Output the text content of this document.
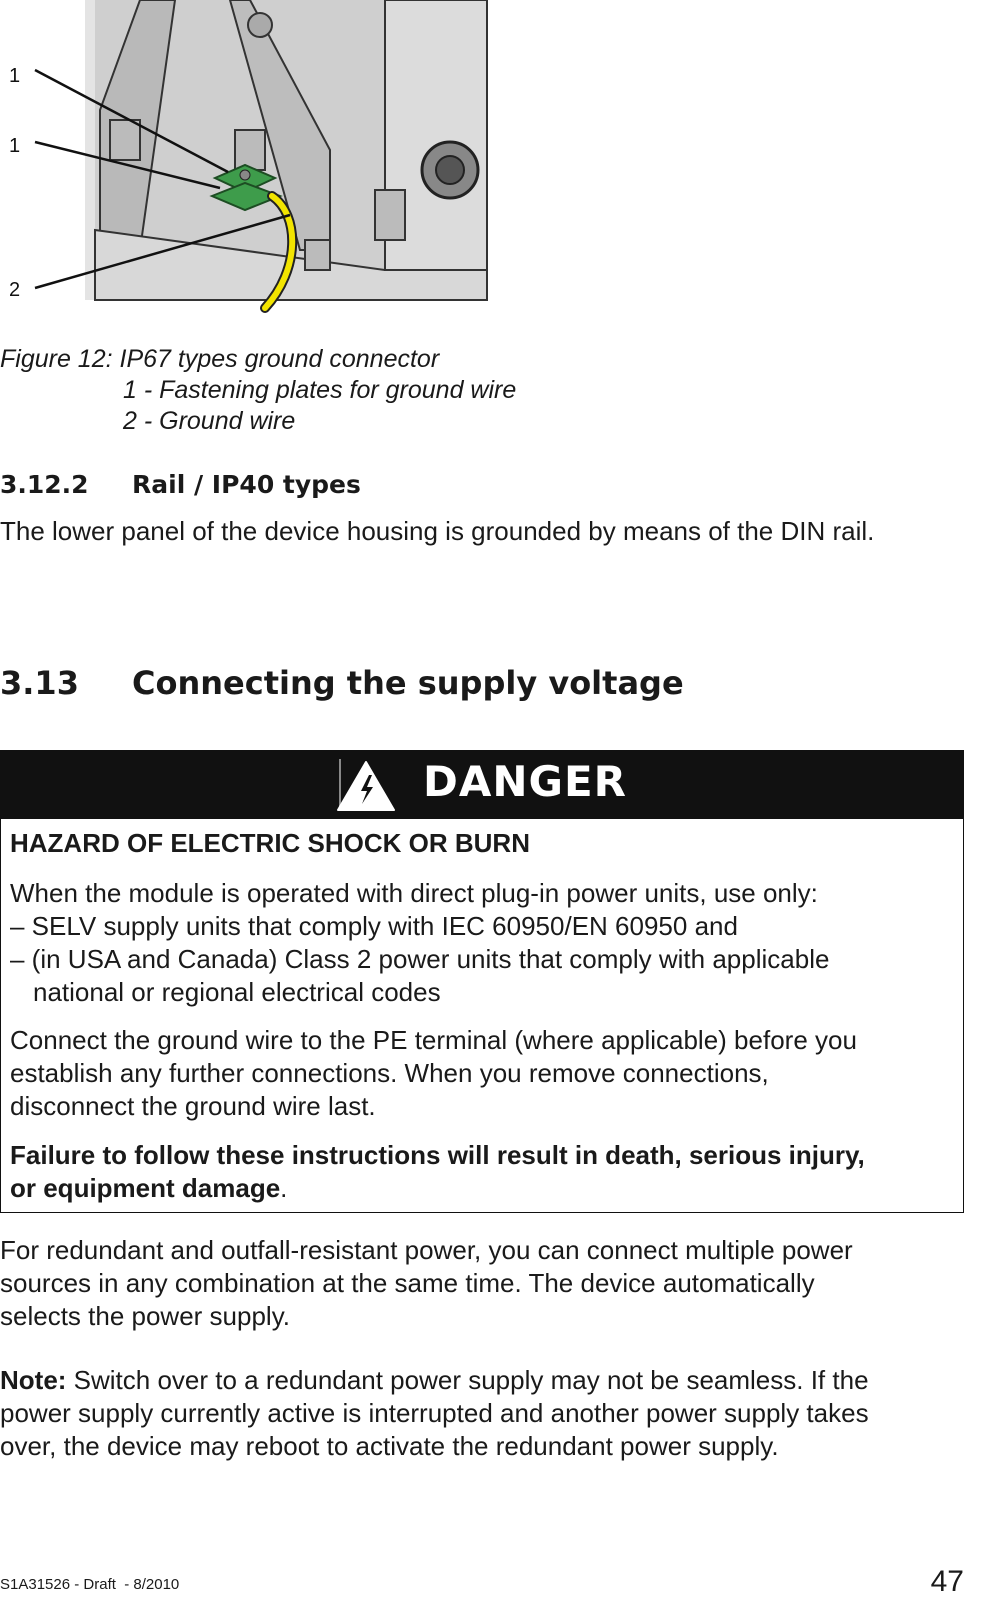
1
1
2
Figure 12: IP67 types ground connector
1 - Fastening plates for ground wire
2 - Ground wire
3.12.2 Rail / IP40 types
The lower panel of the device housing is grounded by means of the DIN rail.
3.13 Connecting the supply voltage
DANGER
HAZARD OF ELECTRIC SHOCK OR BURN
When the module is operated with direct plug-in power units, use only:
– SELV supply units that comply with IEC 60950/EN 60950 and
– (in USA and Canada) Class 2 power units that comply with applicable
national or regional electrical codes
Connect the ground wire to the PE terminal (where applicable) before you
establish any further connections. When you remove connections,
disconnect the ground wire last.
Failure to follow these instructions will result in death, serious injury,
or equipment damage.
For redundant and outfall-resistant power, you can connect multiple power
sources in any combination at the same time. The device automatically
selects the power supply.
Note: Switch over to a redundant power supply may not be seamless. If the
power supply currently active is interrupted and another power supply takes
over, the device may reboot to activate the redundant power supply.
S1A31526 - Draft  - 8/2010	47
